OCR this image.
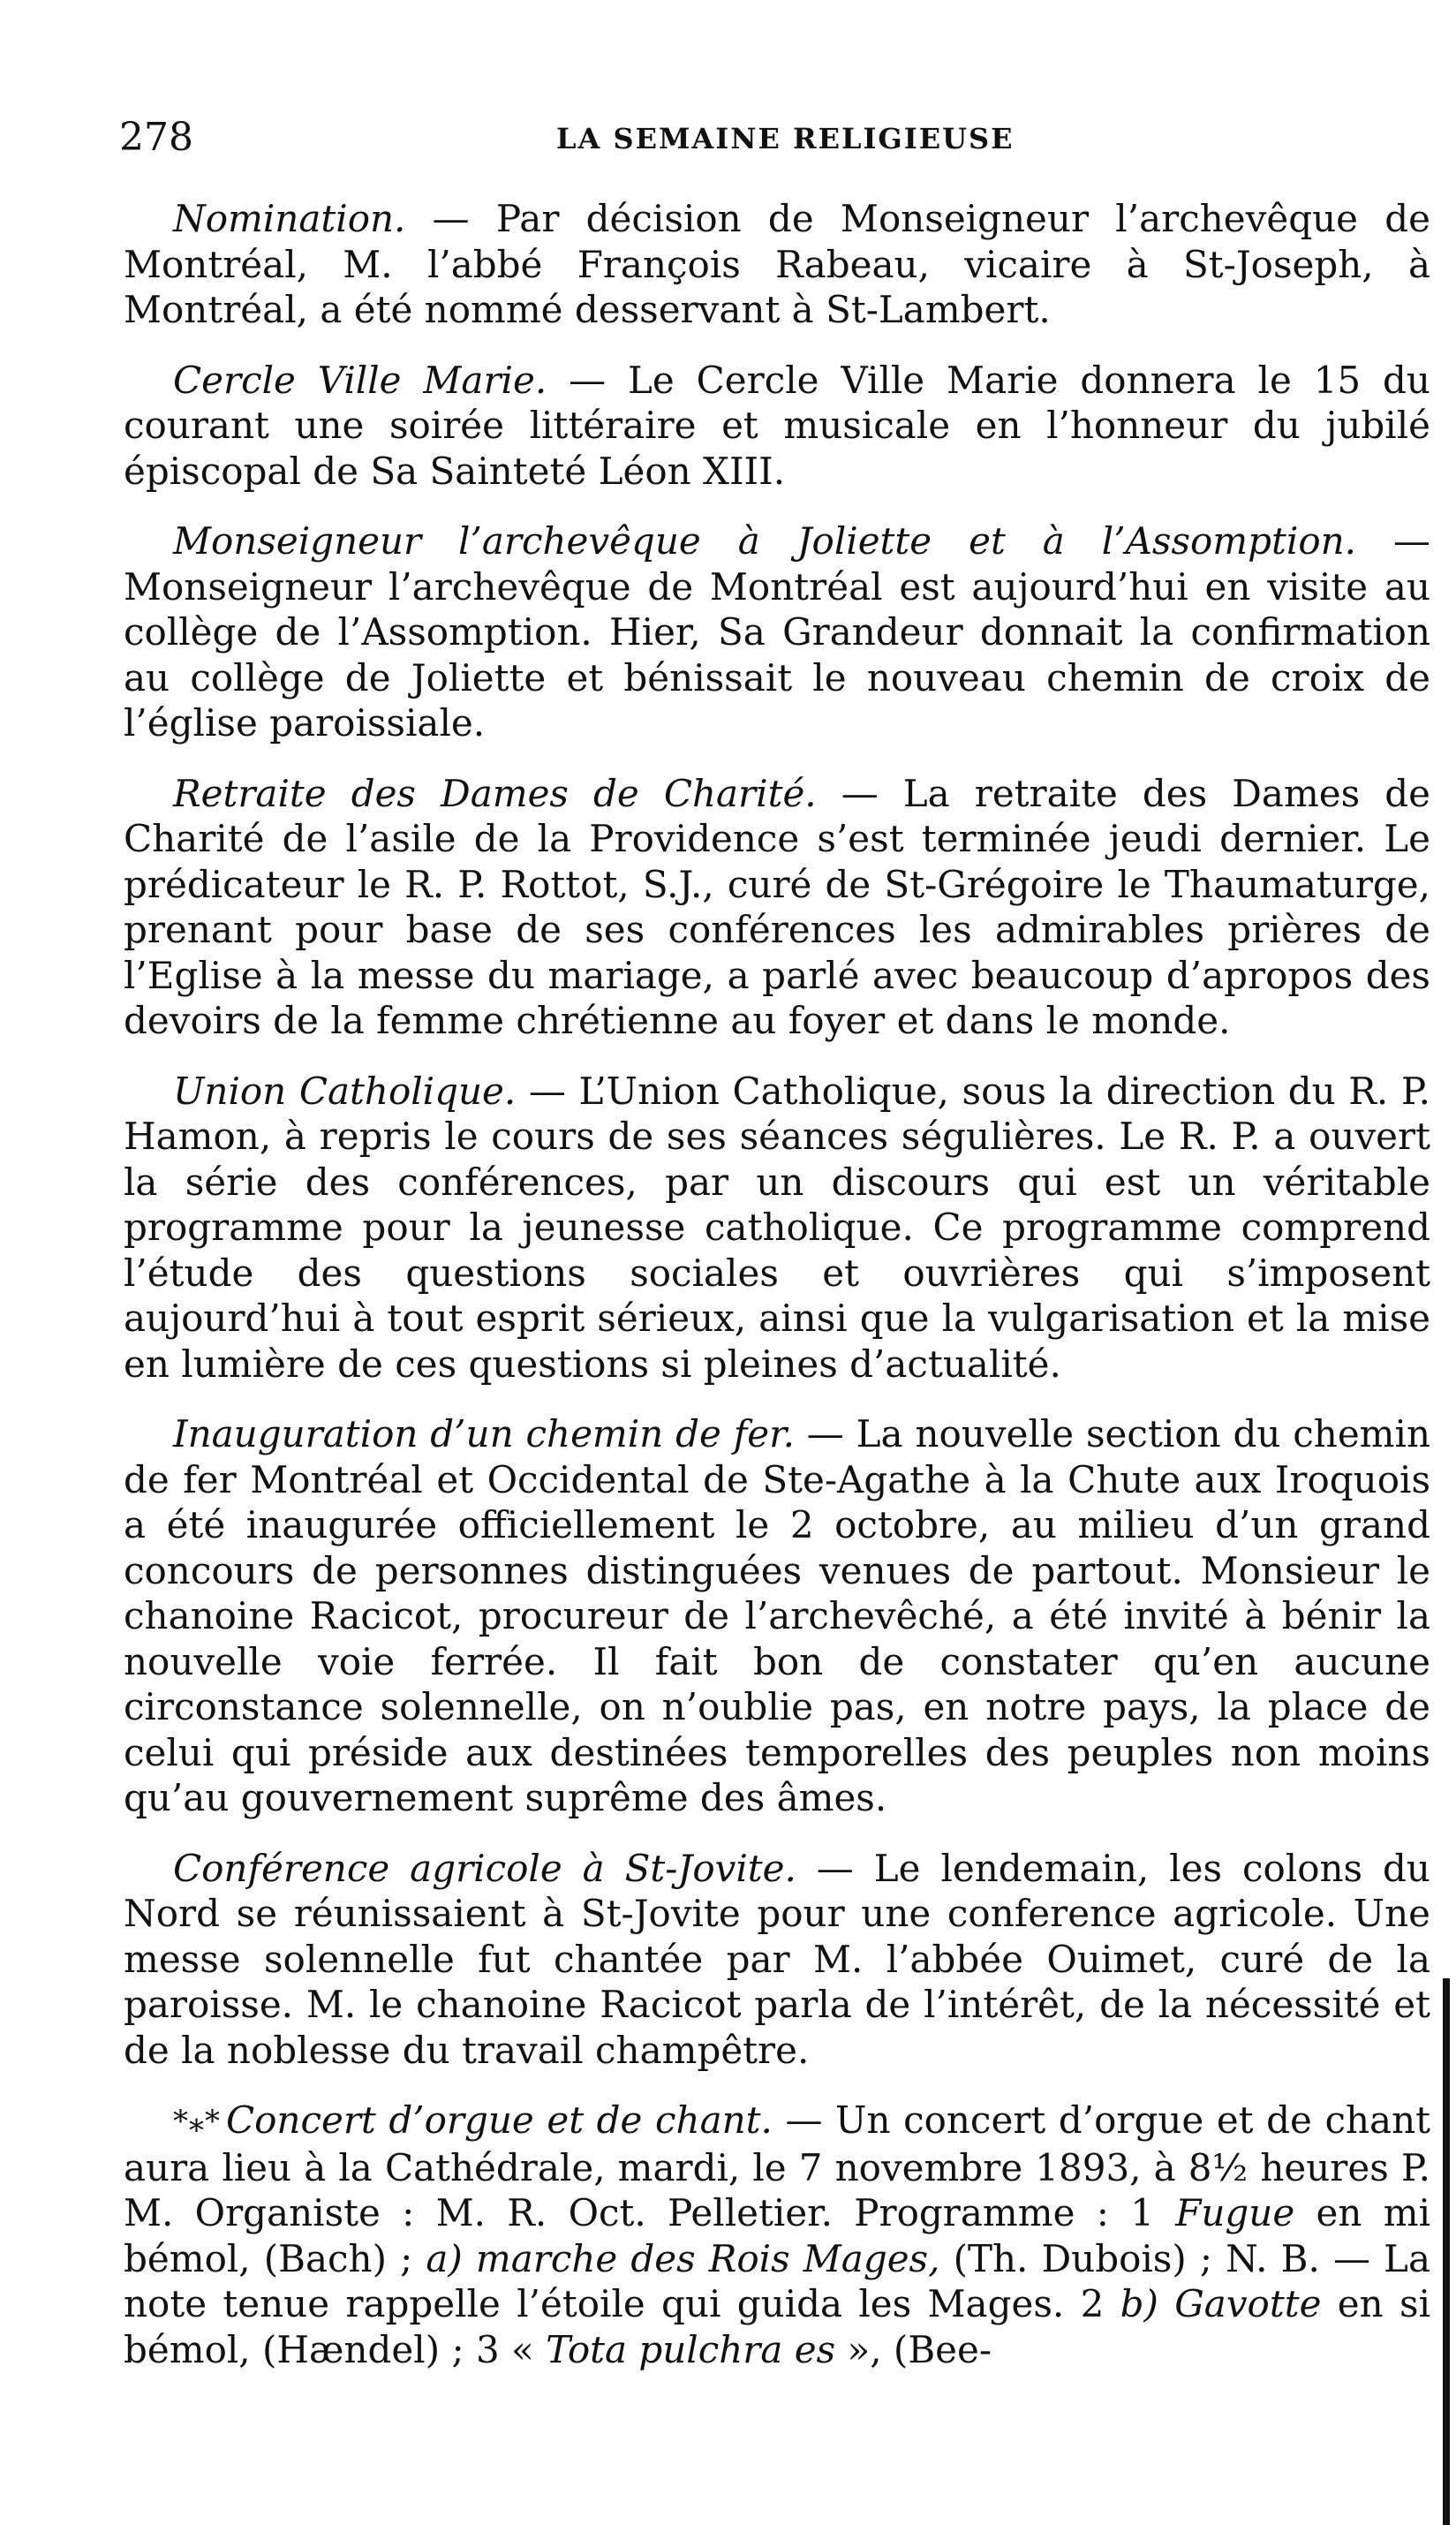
278	LA SEMAINE RELIGIEUSE

Nomination. — Par décision de Monseigneur l’archevêque de Montréal, M. l’abbé François Rabeau, vicaire à St-Joseph, à Montréal, a été nommé desservant à St-Lambert.

Cercle Ville Marie. — Le Cercle Ville Marie donnera le 15 du courant une soirée littéraire et musicale en l’honneur du jubilé épiscopal de Sa Sainteté Léon XIII.

Monseigneur l’archevêque à Joliette et à l’Assomption. — Monseigneur l’archevêque de Montréal est aujourd’hui en visite au collège de l’Assomption. Hier, Sa Grandeur donnait la confirmation au collège de Joliette et bénissait le nouveau chemin de croix de l’église paroissiale.

Retraite des Dames de Charité. — La retraite des Dames de Charité de l’asile de la Providence s’est terminée jeudi dernier. Le prédicateur le R. P. Rottot, S.J., curé de St-Grégoire le Thaumaturge, prenant pour base de ses conférences les admirables prières de l’Eglise à la messe du mariage, a parlé avec beaucoup d’apropos des devoirs de la femme chrétienne au foyer et dans le monde.

Union Catholique. — L’Union Catholique, sous la direction du R. P. Hamon, à repris le cours de ses séances ségulières. Le R. P. a ouvert la série des conférences, par un discours qui est un véritable programme pour la jeunesse catholique. Ce programme comprend l’étude des questions sociales et ouvrières qui s’imposent aujourd’hui à tout esprit sérieux, ainsi que la vulgarisation et la mise en lumière de ces questions si pleines d’actualité.

Inauguration d’un chemin de fer. — La nouvelle section du chemin de fer Montréal et Occidental de Ste-Agathe à la Chute aux Iroquois a été inaugurée officiellement le 2 octobre, au milieu d’un grand concours de personnes distinguées venues de partout. Monsieur le chanoine Racicot, procureur de l’archevêché, a été invité à bénir la nouvelle voie ferrée. Il fait bon de constater qu’en aucune circonstance solennelle, on n’oublie pas, en notre pays, la place de celui qui préside aux destinées temporelles des peuples non moins qu’au gouvernement suprême des âmes.

Conférence agricole à St-Jovite. — Le lendemain, les colons du Nord se réunissaient à St-Jovite pour une conference agricole. Une messe solennelle fut chantée par M. l’abbée Ouimet, curé de la paroisse. M. le chanoine Racicot parla de l’intérêt, de la nécessité et de la noblesse du travail champêtre.

*⁎* Concert d’orgue et de chant. — Un concert d’orgue et de chant aura lieu à la Cathédrale, mardi, le 7 novembre 1893, à 8½ heures P. M. Organiste : M. R. Oct. Pelletier. Programme : 1 Fugue en mi bémol, (Bach) ; a) marche des Rois Mages, (Th. Dubois) ; N. B. — La note tenue rappelle l’étoile qui guida les Mages. 2 b) Gavotte en si bémol, (Hændel) ; 3 « Tota pulchra es », (Bee-
